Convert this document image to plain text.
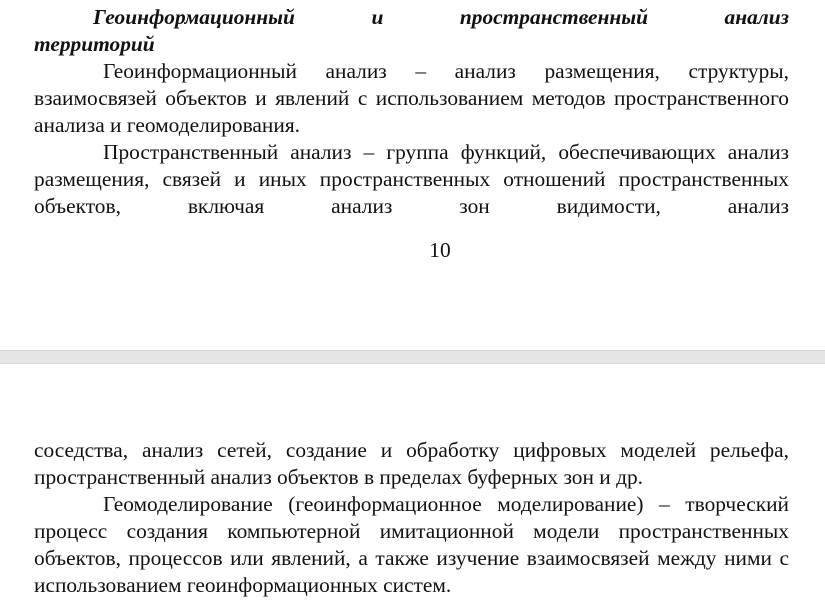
Геоинформационный и пространственный анализ
территорий

Геоинформационный анализ – анализ размещения, структуры, взаимосвязей объектов и явлений с использованием методов пространственного анализа и геомоделирования.

Пространственный анализ – группа функций, обеспечивающих анализ размещения, связей и иных пространственных отношений пространственных объектов, включая анализ зон видимости, анализ

10

соседства, анализ сетей, создание и обработку цифровых моделей рельефа, пространственный анализ объектов в пределах буферных зон и др.

Геомоделирование (геоинформационное моделирование) – творческий процесс создания компьютерной имитационной модели пространственных объектов, процессов или явлений, а также изучение взаимосвязей между ними с использованием геоинформационных систем.
